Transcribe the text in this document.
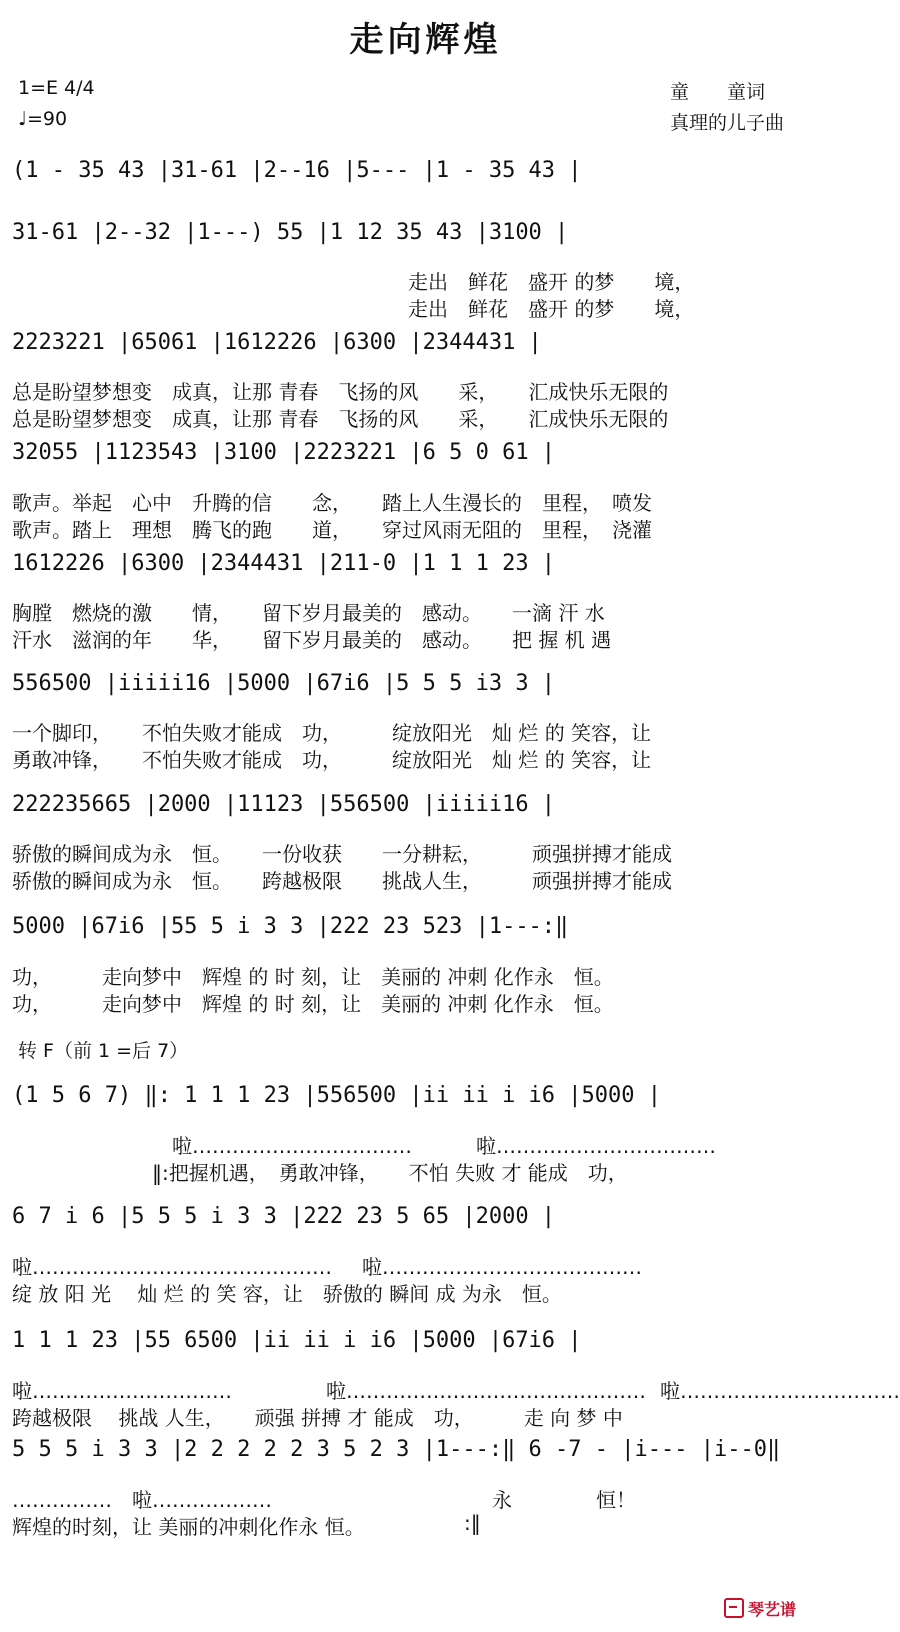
走向辉煌
1=E 4/4
♩=90
童　　童词
真理的儿子曲
(1 - 35 43 |31-61 |2--16 |5--- |1 - 35 43 |
31-61 |2--32 |1---) 55 |1 12 35 43 |3100 |
走出　鲜花　盛开 的梦　　境，
走出　鲜花　盛开 的梦　　境，
2223221 |65061 |1612226 |6300 |2344431 |
总是盼望梦想变　成真，让那 青春　飞扬的风　　采，　　汇成快乐无限的
总是盼望梦想变　成真，让那 青春　飞扬的风　　采，　　汇成快乐无限的
32055 |1123543 |3100 |2223221 |6 5 0 61 |
歌声。举起　心中　升腾的信　　念，　　踏上人生漫长的　里程，　喷发
歌声。踏上　理想　腾飞的跑　　道，　　穿过风雨无阻的　里程，　浇灌
1612226 |6300 |2344431 |211-0 |1 1 1 23 |
胸膛　燃烧的激　　情，　　留下岁月最美的　感动。　　一滴 汗 水
汗水　滋润的年　　华，　　留下岁月最美的　感动。　　把 握 机 遇
556500 |iiiii16 |5000 |67i6 |5 5 5 i3 3 |
一个脚印，　　不怕失败才能成　功，　　　绽放阳光　灿 烂 的 笑容，让
勇敢冲锋，　　不怕失败才能成　功，　　　绽放阳光　灿 烂 的 笑容，让
222235665 |2000 |11123 |556500 |iiiii16 |
骄傲的瞬间成为永　恒。　　一份收获　　一分耕耘，　　　顽强拼搏才能成
骄傲的瞬间成为永　恒。　　跨越极限　　挑战人生，　　　顽强拼搏才能成
5000 |67i6 |55 5 i 3 3 |222 23 523 |1---:‖
功，　　　走向梦中　辉煌 的 时 刻，让　美丽的 冲刺 化作永　恒。
功，　　　走向梦中　辉煌 的 时 刻，让　美丽的 冲刺 化作永　恒。
转 F（前 1 =后 7）
(1 5 6 7) ‖: 1 1 1 23 |556500 |ii ii i i6 |5000 |
啦……………………………	啦……………………………
‖:把握机遇，　勇敢冲锋，　　不怕 失败 才 能成　功，
6 7 i 6 |5 5 5 i 3 3 |222 23 5 65 |2000 |
啦……………………………………… 啦…………………………………
绽 放 阳 光　 灿 烂 的 笑 容，让　骄傲的 瞬间 成 为永　恒。
1 1 1 23 |55 6500 |ii ii i i6 |5000 |67i6 |
啦…………………………	啦……………………………………… 啦……………………………
跨越极限　 挑战 人生，　　顽强 拼搏 才 能成　功，　　　走 向 梦 中
5 5 5 i 3 3 |2 2 2 2 2 3 5 2 3 |1---:‖ 6 -7 - |i--- |i--0‖
……………　啦………………	永	恒！
辉煌的时刻，让 美丽的冲刺化作永 恒。	:‖
琴艺谱
